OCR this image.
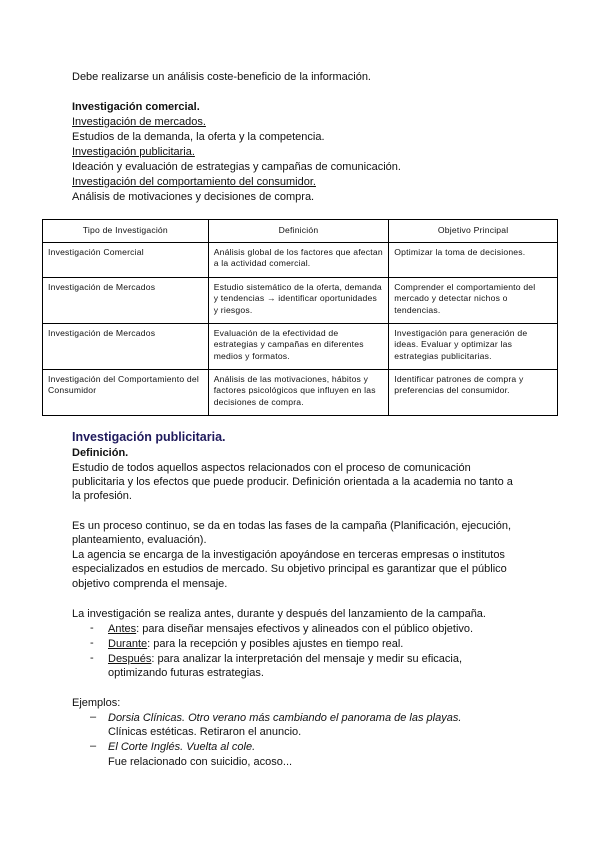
Debe realizarse un análisis coste-beneficio de la información.
Investigación comercial.
Investigación de mercados.
Estudios de la demanda, la oferta y la competencia.
Investigación publicitaria.
Ideación y evaluación de estrategias y campañas de comunicación.
Investigación del comportamiento del consumidor.
Análisis de motivaciones y decisiones de compra.
Tipo de Investigación	Definición	Objetivo Principal
Investigación Comercial	Análisis global de los factores que afectan a la actividad comercial.	Optimizar la toma de decisiones.
Investigación de Mercados	Estudio sistemático de la oferta, demanda y tendencias → identificar oportunidades y riesgos.	Comprender el comportamiento del mercado y detectar nichos o tendencias.
Investigación de Mercados	Evaluación de la efectividad de estrategias y campañas en diferentes medios y formatos.	Investigación para generación de ideas. Evaluar y optimizar las estrategias publicitarias.
Investigación del Comportamiento del Consumidor	Análisis de las motivaciones, hábitos y factores psicológicos que influyen en las decisiones de compra.	Identificar patrones de compra y preferencias del consumidor.
Investigación publicitaria.
Definición.
Estudio de todos aquellos aspectos relacionados con el proceso de comunicación
publicitaria y los efectos que puede producir. Definición orientada a la academia no tanto a
la profesión.
Es un proceso continuo, se da en todas las fases de la campaña (Planificación, ejecución,
planteamiento, evaluación).
La agencia se encarga de la investigación apoyándose en terceras empresas o institutos
especializados en estudios de mercado. Su objetivo principal es garantizar que el público
objetivo comprenda el mensaje.
La investigación se realiza antes, durante y después del lanzamiento de la campaña.
- Antes: para diseñar mensajes efectivos y alineados con el público objetivo.
- Durante: para la recepción y posibles ajustes en tiempo real.
- Después: para analizar la interpretación del mensaje y medir su eficacia,
optimizando futuras estrategias.
Ejemplos:
– Dorsia Clínicas. Otro verano más cambiando el panorama de las playas.
Clínicas estéticas. Retiraron el anuncio.
– El Corte Inglés. Vuelta al cole.
Fue relacionado con suicidio, acoso...
